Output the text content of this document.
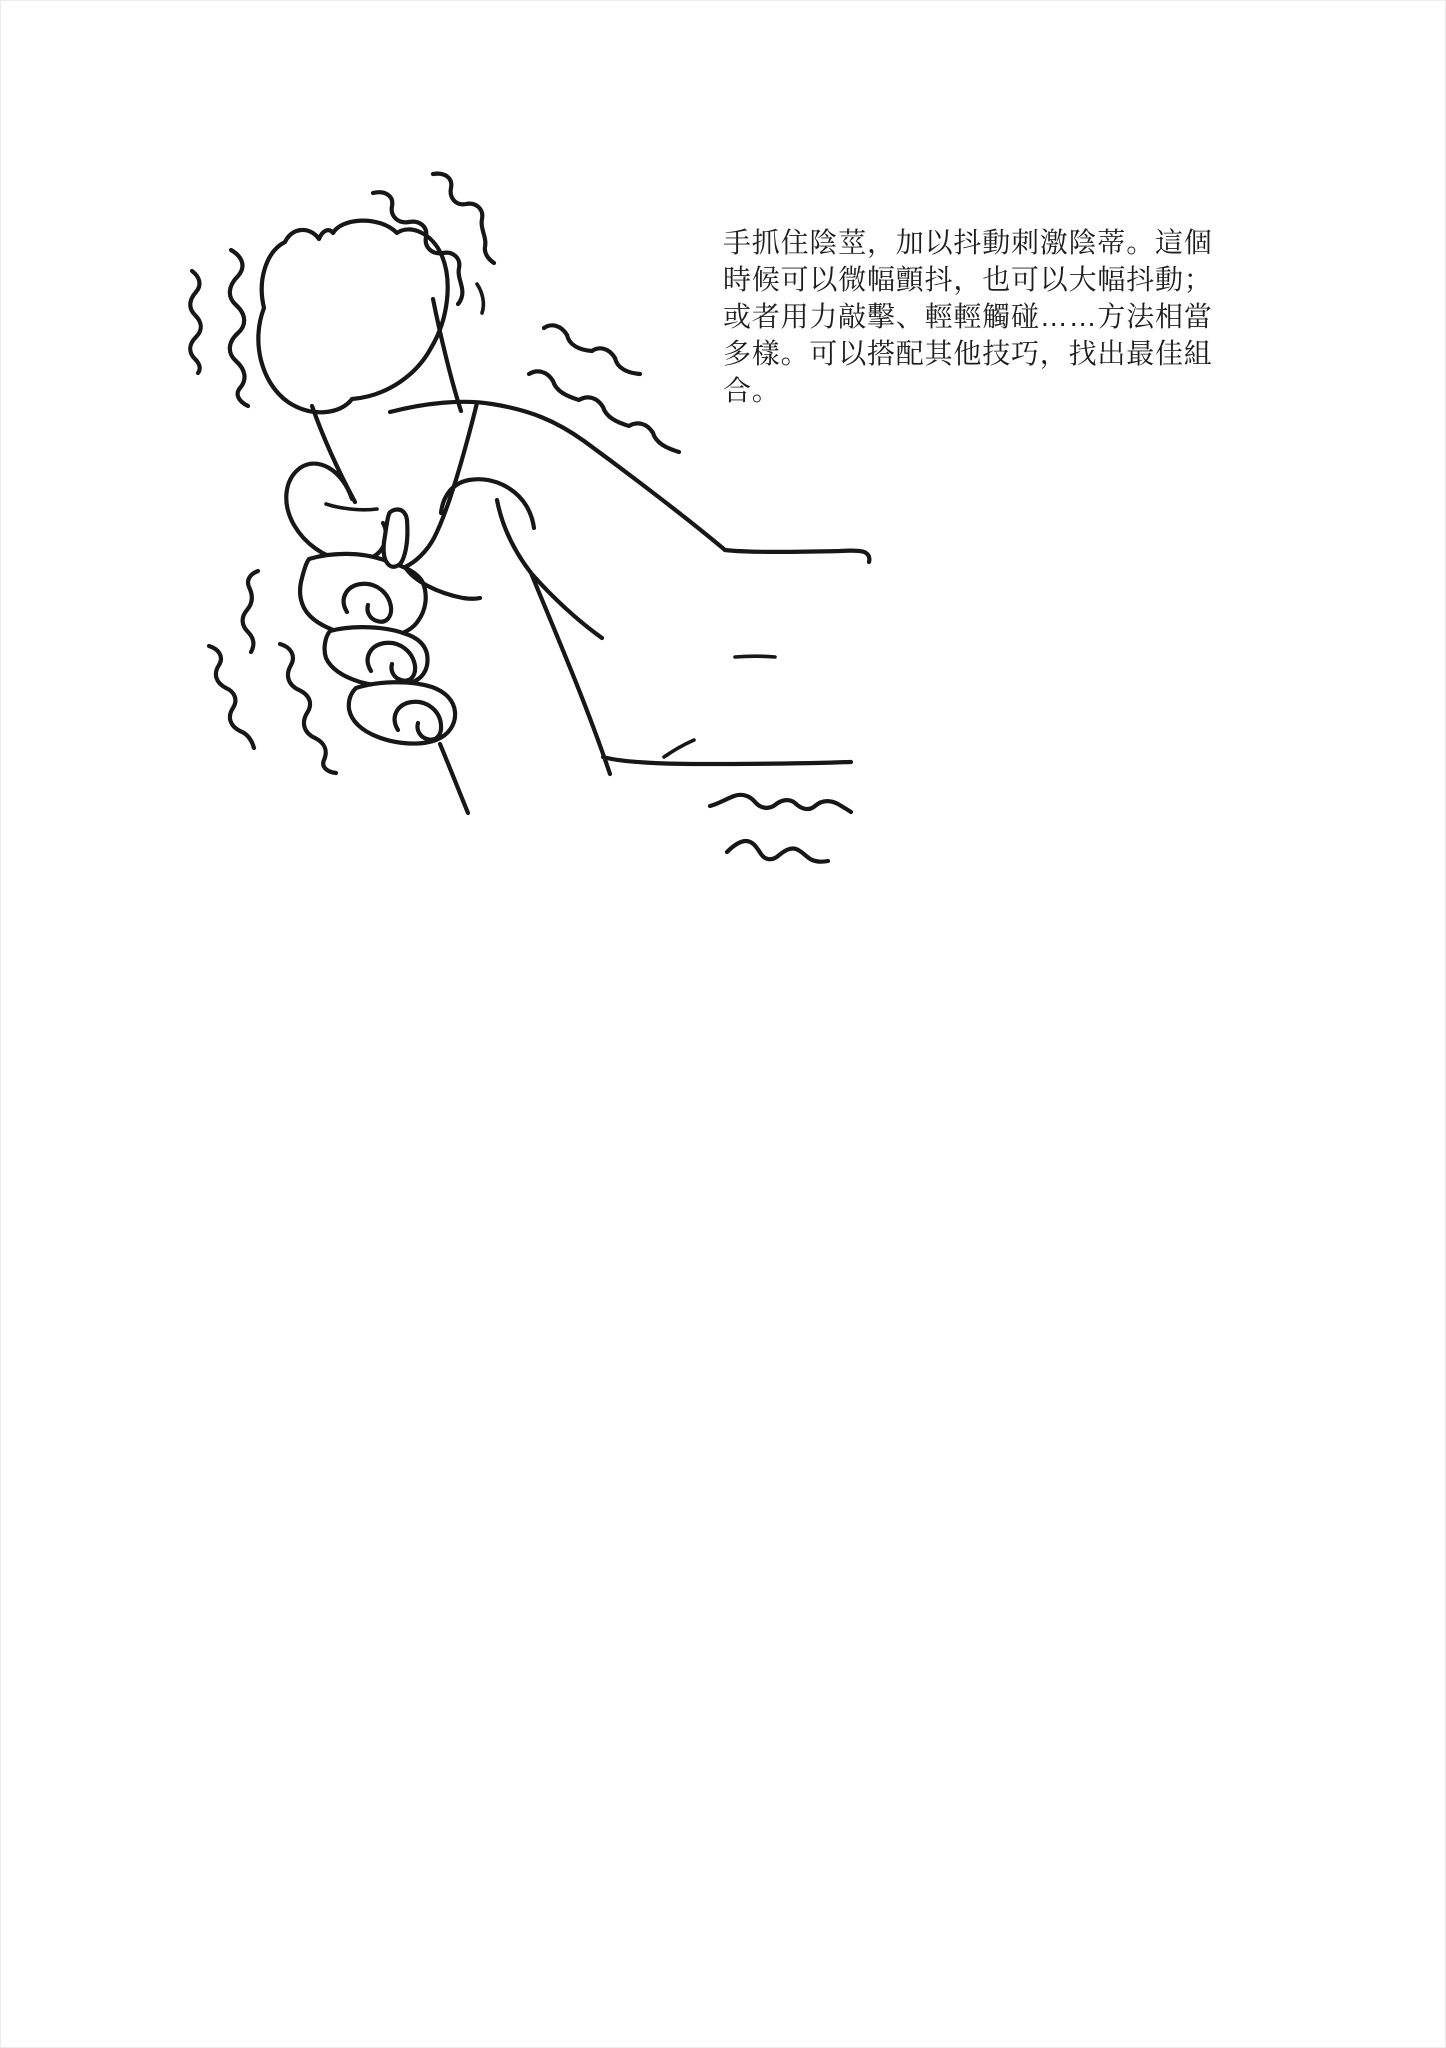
手抓住陰莖，加以抖動刺激陰蒂。這個
時候可以微幅顫抖，也可以大幅抖動；
或者用力敲擊、輕輕觸碰……方法相當
多樣。可以搭配其他技巧，找出最佳組
合。
